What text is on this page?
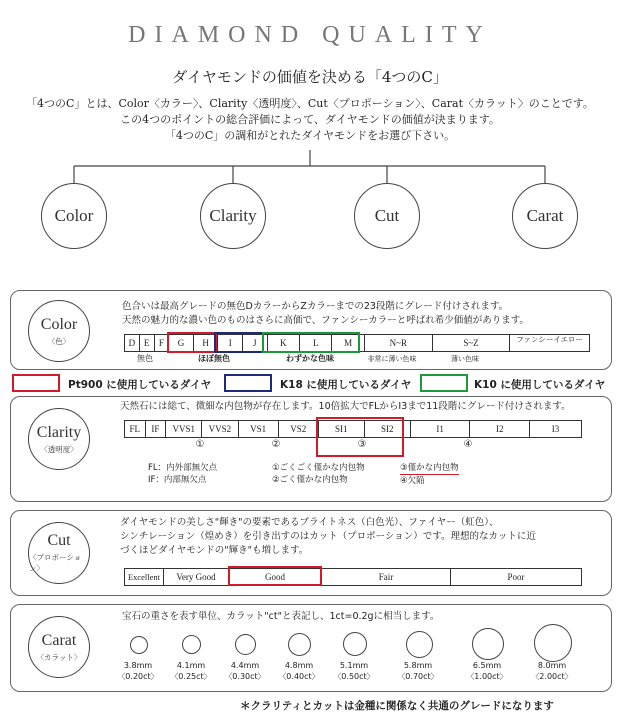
DIAMOND QUALITY
ダイヤモンドの価値を決める「4つのC」
「4つのC」とは、Color〈カラー〉、Clarity〈透明度〉、Cut〈プロポーション〉、Carat〈カラット〉のことです。
この4つのポイントの総合評価によって、ダイヤモンドの価値が決まります。
「4つのC」の調和がとれたダイヤモンドをお選び下さい。
Color	Clarity	Cut	Carat
Color
〈色〉
色合いは最高グレードの無色DカラーからZカラーまでの23段階にグレード付けされます。
天然の魅力的な濃い色のものはさらに高価で、ファンシーカラーと呼ばれ希少価値があります。
D E	F	G	H	I	J	K	L	M	N~R	S~Z	ファンシーイエロー
無色	ほぼ無色	わずかな色味	非常に薄い色味	薄い色味
Pt900 に使用しているダイヤ	K18 に使用しているダイヤ	K10 に使用しているダイヤ
Clarity
〈透明度〉
天然石には総て、微細な内包物が存在します。10倍拡大でFLからI3まで11段階にグレード付けされます。
FL	IF	VVS1	VVS2	VS1	VS2	SI1	SI2	I1	I2	I3
①	②	③	④
FL：内外部無欠点
IF：内部無欠点
①ごくごく僅かな内包物
②ごく僅かな内包物
③僅かな内包物
④欠陥
Cut
〈プロポーション〉
ダイヤモンドの美しさ"輝き"の要素であるブライトネス（白色光）、ファイヤー（虹色）、
シンチレーション（煌めき）を引き出すのはカット（プロポーション）です。理想的なカットに近
づくほどダイヤモンドの"輝き"も増します。
Excellent	Very Good	Good	Fair	Poor
Carat
〈カラット〉
宝石の重さを表す単位、カラット"ct"と表記し、1ct=0.2gに相当します。
3.8mm
〈0.20ct〉
4.1mm
〈0.25ct〉
4.4mm
〈0.30ct〉
4.8mm
〈0.40ct〉
5.1mm
〈0.50ct〉
5.8mm
〈0.70ct〉
6.5mm
〈1.00ct〉
8.0mm
〈2.00ct〉
＊クラリティとカットは金種に関係なく共通のグレードになります
